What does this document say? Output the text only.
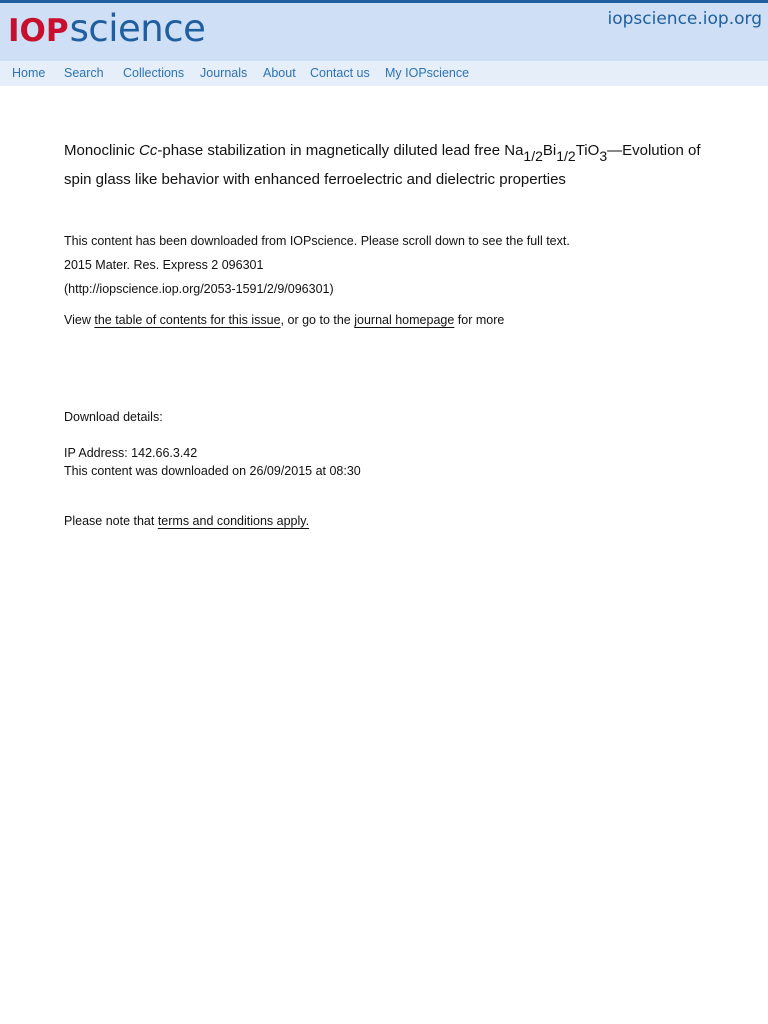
IOP science	iopscience.iop.org
Home Search Collections Journals About Contact us My IOPscience
Monoclinic Cc-phase stabilization in magnetically diluted lead free $Na_{1/2}Bi_{1/2}TiO_3—Evolution$ of spin glass like behavior with enhanced ferroelectric and dielectric properties
This content has been downloaded from IOPscience. Please scroll down to see the full text.
2015 Mater. Res. Express 2 096301
(http://iopscience.iop.org/2053-1591/2/9/096301)
View the table of contents for this issue, or go to the journal homepage for more
Download details:
IP Address: 142.66.3.42
This content was downloaded on 26/09/2015 at 08:30
Please note that terms and conditions apply.
